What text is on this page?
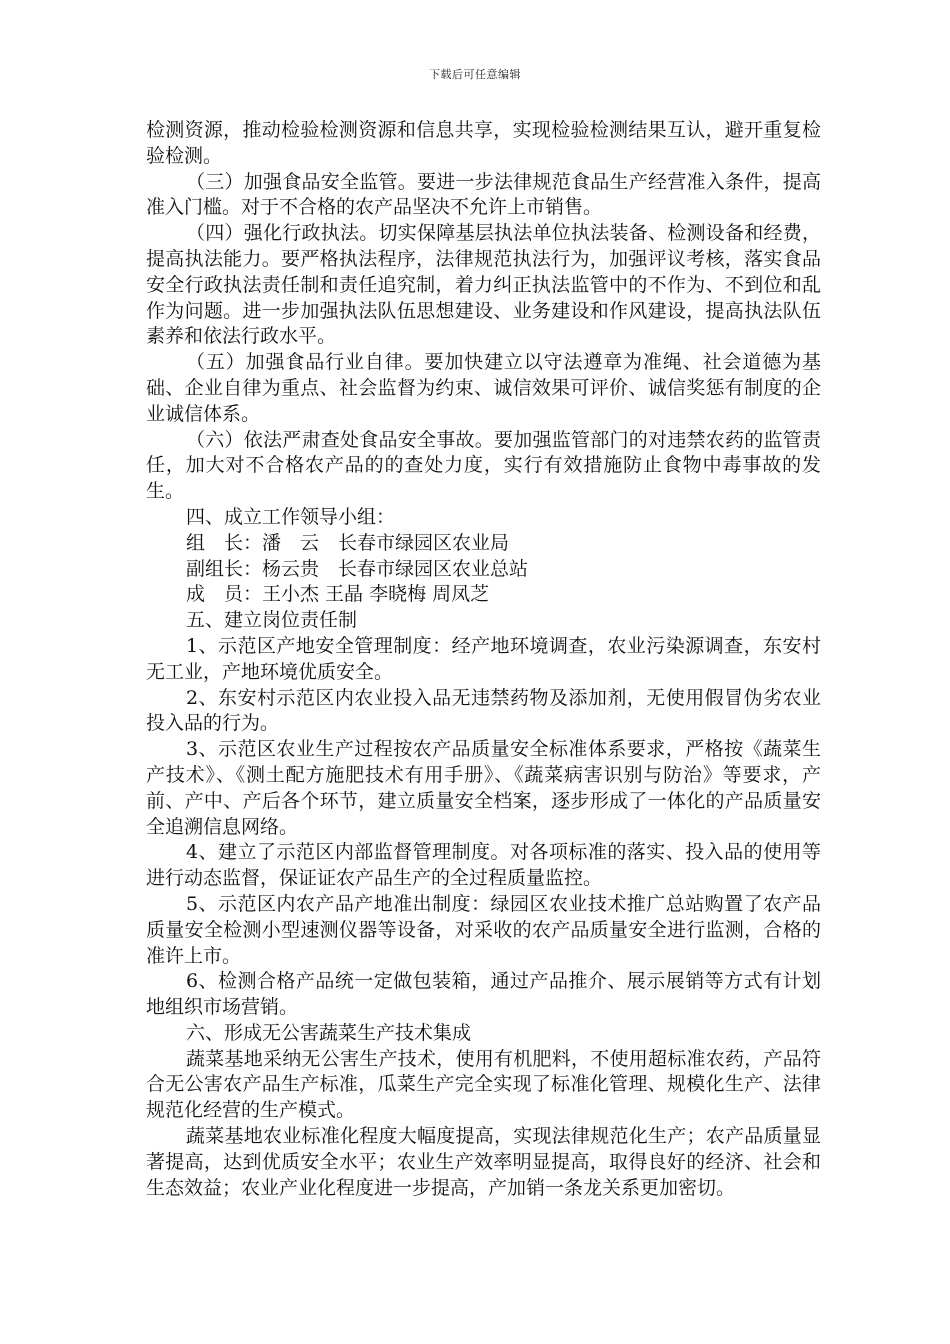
下载后可任意编辑

检测资源，推动检验检测资源和信息共享，实现检验检测结果互认，避开重复检验检测。

（三）加强食品安全监管。要进一步法律规范食品生产经营准入条件，提高准入门槛。对于不合格的农产品坚决不允许上市销售。

（四）强化行政执法。切实保障基层执法单位执法装备、检测设备和经费，提高执法能力。要严格执法程序，法律规范执法行为，加强评议考核，落实食品安全行政执法责任制和责任追究制，着力纠正执法监管中的不作为、不到位和乱作为问题。进一步加强执法队伍思想建设、业务建设和作风建设，提高执法队伍素养和依法行政水平。

（五）加强食品行业自律。要加快建立以守法遵章为准绳、社会道德为基础、企业自律为重点、社会监督为约束、诚信效果可评价、诚信奖惩有制度的企业诚信体系。

（六）依法严肃查处食品安全事故。要加强监管部门的对违禁农药的监管责任，加大对不合格农产品的的查处力度，实行有效措施防止食物中毒事故的发生。

四、成立工作领导小组：

组　长：潘　云　长春市绿园区农业局

副组长：杨云贵　长春市绿园区农业总站

成　员：王小杰 王晶 李晓梅 周凤芝

五、建立岗位责任制

1、示范区产地安全管理制度：经产地环境调查，农业污染源调查，东安村无工业，产地环境优质安全。

2、东安村示范区内农业投入品无违禁药物及添加剂，无使用假冒伪劣农业投入品的行为。

3、示范区农业生产过程按农产品质量安全标准体系要求，严格按《蔬菜生产技术》、《测土配方施肥技术有用手册》、《蔬菜病害识别与防治》等要求，产前、产中、产后各个环节，建立质量安全档案，逐步形成了一体化的产品质量安全追溯信息网络。

4、建立了示范区内部监督管理制度。对各项标准的落实、投入品的使用等进行动态监督，保证证农产品生产的全过程质量监控。

5、示范区内农产品产地准出制度：绿园区农业技术推广总站购置了农产品质量安全检测小型速测仪器等设备，对采收的农产品质量安全进行监测，合格的准许上市。

6、检测合格产品统一定做包装箱，通过产品推介、展示展销等方式有计划地组织市场营销。

六、形成无公害蔬菜生产技术集成

蔬菜基地采纳无公害生产技术，使用有机肥料，不使用超标准农药，产品符合无公害农产品生产标准，瓜菜生产完全实现了标准化管理、规模化生产、法律规范化经营的生产模式。

蔬菜基地农业标准化程度大幅度提高，实现法律规范化生产；农产品质量显著提高，达到优质安全水平；农业生产效率明显提高，取得良好的经济、社会和生态效益；农业产业化程度进一步提高，产加销一条龙关系更加密切。
